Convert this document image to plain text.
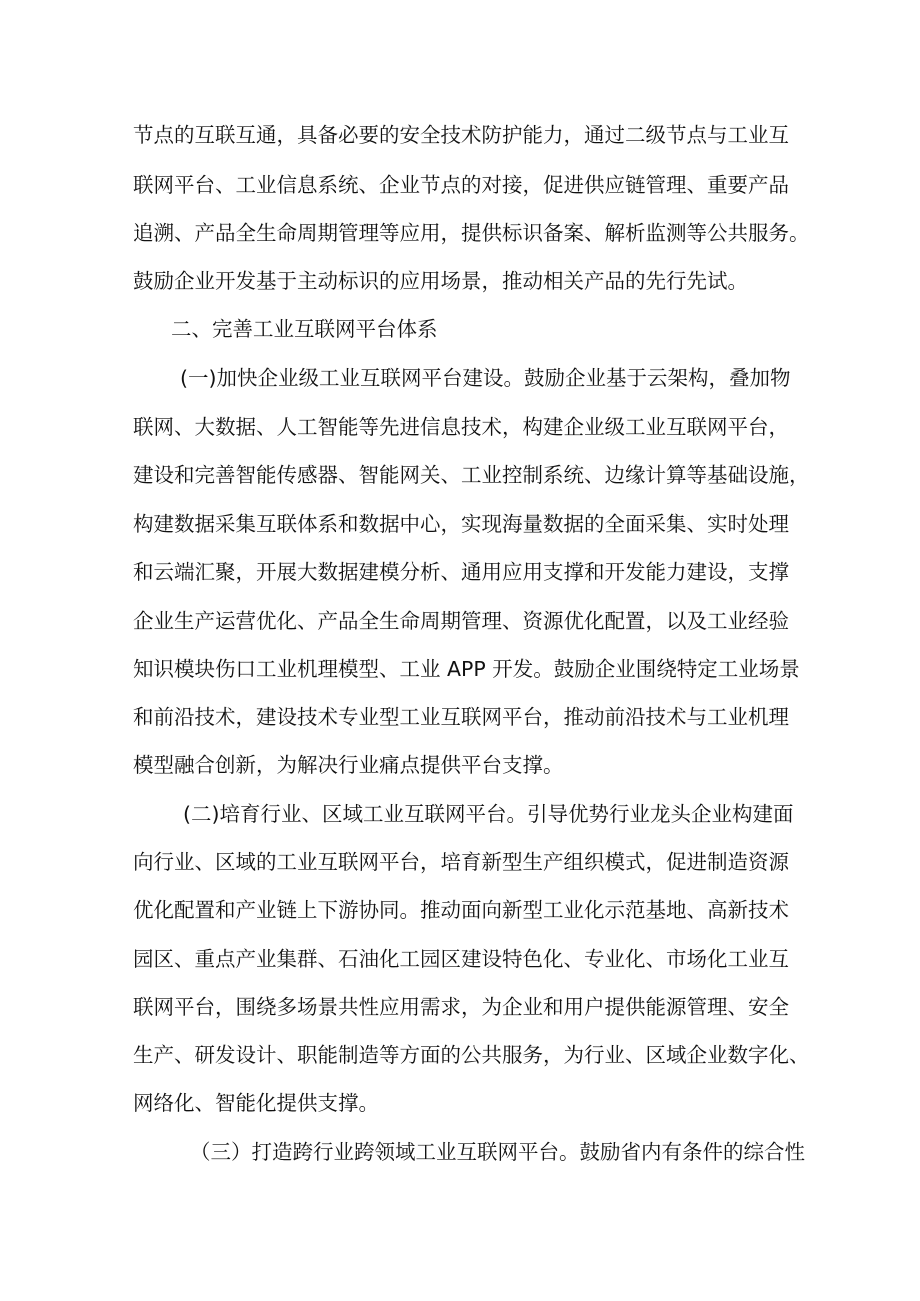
节点的互联互通，具备必要的安全技术防护能力，通过二级节点与工业互

联网平台、工业信息系统、企业节点的对接，促进供应链管理、重要产品

追溯、产品全生命周期管理等应用，提供标识备案、解析监测等公共服务。

鼓励企业开发基于主动标识的应用场景，推动相关产品的先行先试。

二、完善工业互联网平台体系

(一)加快企业级工业互联网平台建设。鼓励企业基于云架构，叠加物

联网、大数据、人工智能等先进信息技术，构建企业级工业互联网平台，

建设和完善智能传感器、智能网关、工业控制系统、边缘计算等基础设施，

构建数据采集互联体系和数据中心，实现海量数据的全面采集、实时处理

和云端汇聚，开展大数据建模分析、通用应用支撑和开发能力建设，支撑

企业生产运营优化、产品全生命周期管理、资源优化配置，以及工业经验

知识模块伤口工业机理模型、工业 APP 开发。鼓励企业围绕特定工业场景

和前沿技术，建设技术专业型工业互联网平台，推动前沿技术与工业机理

模型融合创新，为解决行业痛点提供平台支撑。

(二)培育行业、区域工业互联网平台。引导优势行业龙头企业构建面

向行业、区域的工业互联网平台，培育新型生产组织模式，促进制造资源

优化配置和产业链上下游协同。推动面向新型工业化示范基地、高新技术

园区、重点产业集群、石油化工园区建设特色化、专业化、市场化工业互

联网平台，围绕多场景共性应用需求，为企业和用户提供能源管理、安全

生产、研发设计、职能制造等方面的公共服务，为行业、区域企业数字化、

网络化、智能化提供支撑。

（三）打造跨行业跨领域工业互联网平台。鼓励省内有条件的综合性
